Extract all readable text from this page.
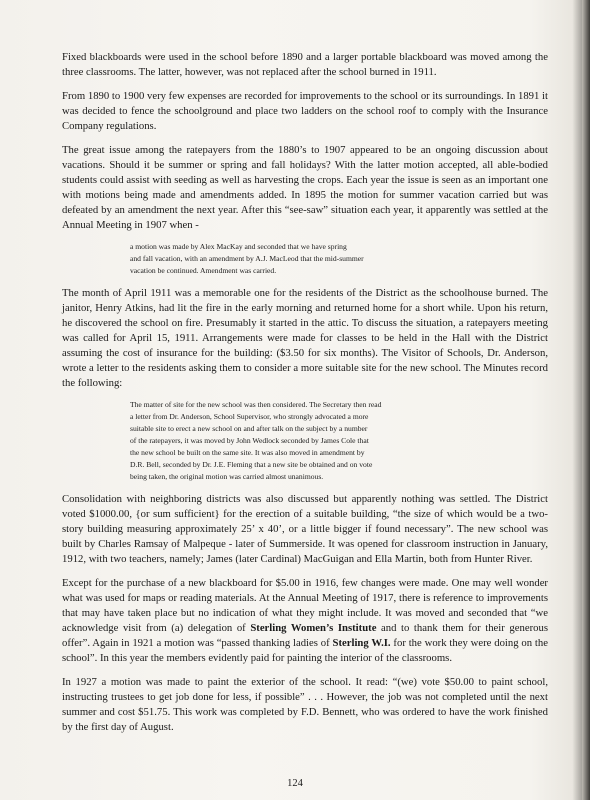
Fixed blackboards were used in the school before 1890 and a larger portable blackboard was moved among the three classrooms. The latter, however, was not replaced after the school burned in 1911.

From 1890 to 1900 very few expenses are recorded for improvements to the school or its surroundings. In 1891 it was decided to fence the schoolground and place two ladders on the school roof to comply with the Insurance Company regulations.

The great issue among the ratepayers from the 1880’s to 1907 appeared to be an ongoing discussion about vacations. Should it be summer or spring and fall holidays? With the latter motion accepted, all able-bodied students could assist with seeding as well as harvesting the crops. Each year the issue is seen as an important one with motions being made and amendments added. In 1895 the motion for summer vacation carried but was defeated by an amendment the next year. After this “see-saw” situation each year, it apparently was settled at the Annual Meeting in 1907 when -

a motion was made by Alex MacKay and seconded that we have spring
and fall vacation, with an amendment by A.J. MacLeod that the mid-summer
vacation be continued. Amendment was carried.

The month of April 1911 was a memorable one for the residents of the District as the schoolhouse burned. The janitor, Henry Atkins, had lit the fire in the early morning and returned home for a short while. Upon his return, he discovered the school on fire. Presumably it started in the attic. To discuss the situation, a ratepayers meeting was called for April 15, 1911. Arrangements were made for classes to be held in the Hall with the District assuming the cost of insurance for the building: ($3.50 for six months). The Visitor of Schools, Dr. Anderson, wrote a letter to the residents asking them to consider a more suitable site for the new school. The Minutes record the following:

The matter of site for the new school was then considered. The Secretary then read
a letter from Dr. Anderson, School Supervisor, who strongly advocated a more
suitable site to erect a new school on and after talk on the subject by a number
of the ratepayers, it was moved by John Wedlock seconded by James Cole that
the new school be built on the same site. It was also moved in amendment by
D.R. Bell, seconded by Dr. J.E. Fleming that a new site be obtained and on vote
being taken, the original motion was carried almost unanimous.

Consolidation with neighboring districts was also discussed but apparently nothing was settled. The District voted $1000.00, {or sum sufficient} for the erection of a suitable building, “the size of which would be a two-story building measuring approximately 25’ x 40’, or a little bigger if found necessary”. The new school was built by Charles Ramsay of Malpeque - later of Summerside. It was opened for classroom instruction in January, 1912, with two teachers, namely; James (later Cardinal) MacGuigan and Ella Martin, both from Hunter River.

Except for the purchase of a new blackboard for $5.00 in 1916, few changes were made. One may well wonder what was used for maps or reading materials. At the Annual Meeting of 1917, there is reference to improvements that may have taken place but no indication of what they might include. It was moved and seconded that “we acknowledge visit from (a) delegation of Sterling Women’s Institute and to thank them for their generous offer”. Again in 1921 a motion was “passed thanking ladies of Sterling W.I. for the work they were doing on the school”. In this year the members evidently paid for painting the interior of the classrooms.

In 1927 a motion was made to paint the exterior of the school. It read: “(we) vote $50.00 to paint school, instructing trustees to get job done for less, if possible” . . . However, the job was not completed until the next summer and cost $51.75. This work was completed by F.D. Bennett, who was ordered to have the work finished by the first day of August.

124
